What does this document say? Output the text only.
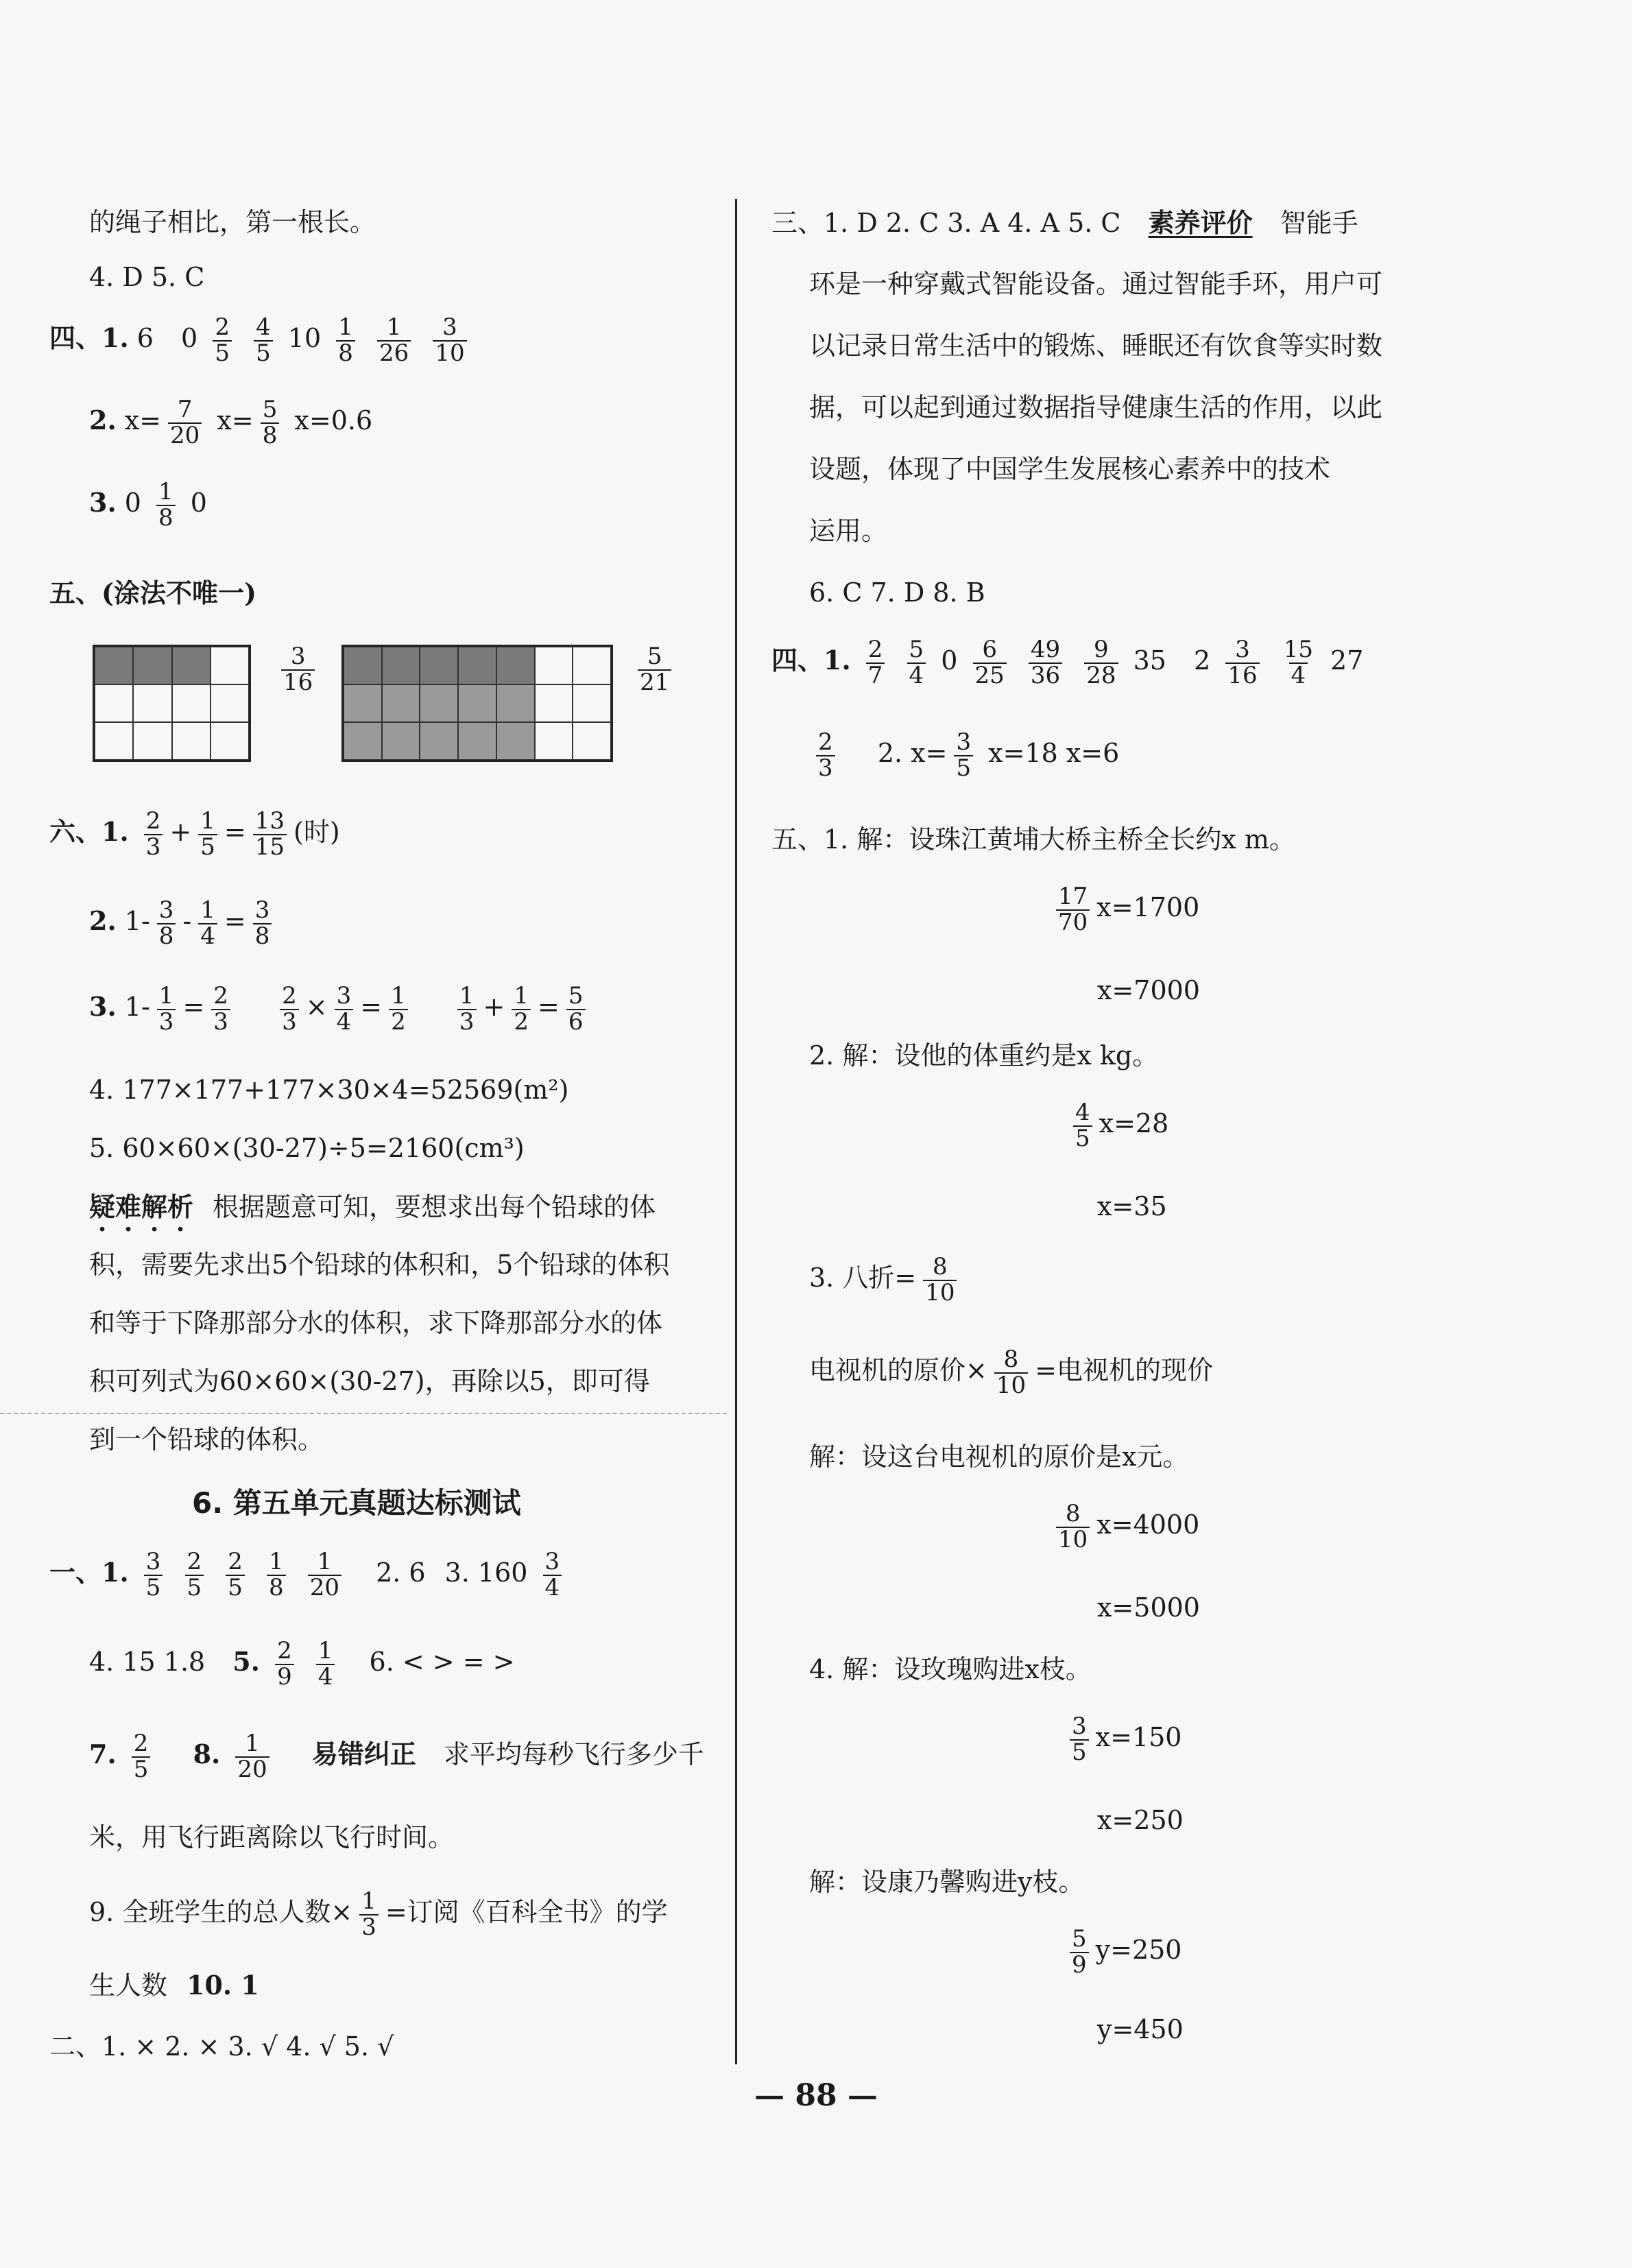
的绳子相比，第一根长。
4. D 5. C
四、1. 6 $0 \frac{2}{5}$
$\frac{4}{5} 10 \frac{1}{8}$
$\frac{1}{26}$
$\frac{3}{10}$
2. $x= \frac{7}{20} x= \frac{5}{8} x=0.6$
3. $0 \frac{1}{8} 0$
五、(涂法不唯一)
$\frac{3}{16}$	$\frac{5}{21}$
六、1. $\frac{2}{3} + \frac{1}{5} = \frac{13}{15}$ (时)
2. $1- \frac{3}{8} - \frac{1}{4} = \frac{3}{8}$
3. $1- \frac{1}{3} = \frac{2}{3}$
$\frac{2}{3} \times \frac{3}{4} = \frac{1}{2}$
$\frac{1}{3} + \frac{1}{2} = \frac{5}{6}$
4. 177×177+177×30×4=52569(m²)
5. 60×60×(30-27)÷5=2160(cm³)
疑难解析 根据题意可知，要想求出每个铅球的体
积，需要先求出5个铅球的体积和，5个铅球的体积
和等于下降那部分水的体积，求下降那部分水的体
积可列式为60×60×(30-27)，再除以5，即可得
到一个铅球的体积。
6. 第五单元真题达标测试
一、1. $\frac{3}{5}$
$\frac{2}{5}$
$\frac{2}{5}$
$\frac{1}{8}$
$\frac{1}{20} 2$. 6 3. $160 \frac{3}{4}$
4. 15 1.8 5. $\frac{2}{9}$
$\frac{1}{4} 6$. < > = >
7. $\frac{2}{5} 8$. $\frac{1}{20}$ 易错纠正 求平均每秒飞行多少千
米，用飞行距离除以飞行时间。
9. 全班学生的总人数× $\frac{1}{3}$ =订阅《百科全书》的学
生人数 10. 1
二、1. × 2. × 3. √ 4. √ 5. √
三、1. D 2. C 3. A 4. A 5. C 素养评价 智能手
环是一种穿戴式智能设备。通过智能手环，用户可
以记录日常生活中的锻炼、睡眠还有饮食等实时数
据，可以起到通过数据指导健康生活的作用，以此
设题，体现了中国学生发展核心素养中的技术
运用。
6. C 7. D 8. B
四、1. $\frac{2}{7}$
$\frac{5}{4} 0 \frac{6}{25}$
$\frac{49}{36}$
$\frac{9}{28} 35$ $2 \frac{3}{16}$
$\frac{15}{4} 27$
$\frac{2}{3} 2$. $x= \frac{3}{5} x=18$ x=6
五、1. 解：设珠江黄埔大桥主桥全长约x m。
$\frac{17}{70} x=1700$
x=7000
2. 解：设他的体重约是x kg。
$\frac{4}{5} x=28$
x=35
3. 八折= $\frac{8}{10}$
电视机的原价× $\frac{8}{10}$ =电视机的现价
解：设这台电视机的原价是x元。
$\frac{8}{10} x=4000$
x=5000
4. 解：设玫瑰购进x枝。
$\frac{3}{5} x=150$
x=250
解：设康乃馨购进y枝。
$\frac{5}{9} y=250$
y=450
— 88 —
